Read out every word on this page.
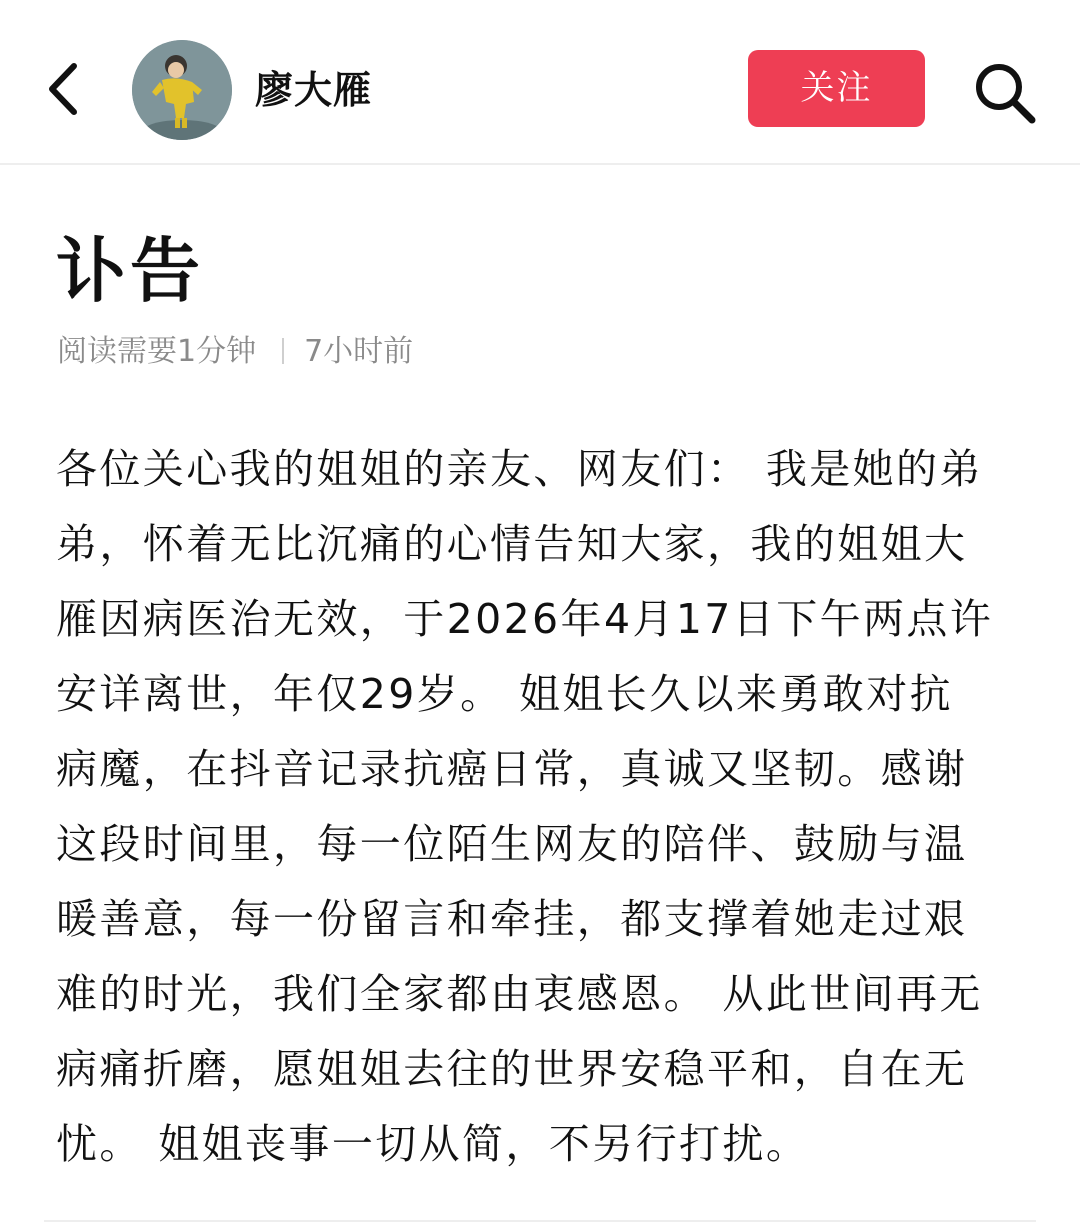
廖大雁	关注
讣告
阅读需要1分钟 7小时前
各位关心我的姐姐的亲友、网友们： 我是她的弟
弟，怀着无比沉痛的心情告知大家，我的姐姐大
雁因病医治无效，于2026年4月17日下午两点许
安详离世，年仅29岁。 姐姐长久以来勇敢对抗
病魔，在抖音记录抗癌日常，真诚又坚韧。感谢
这段时间里，每一位陌生网友的陪伴、鼓励与温
暖善意，每一份留言和牵挂，都支撑着她走过艰
难的时光，我们全家都由衷感恩。 从此世间再无
病痛折磨，愿姐姐去往的世界安稳平和，自在无
忧。 姐姐丧事一切从简，不另行打扰。
